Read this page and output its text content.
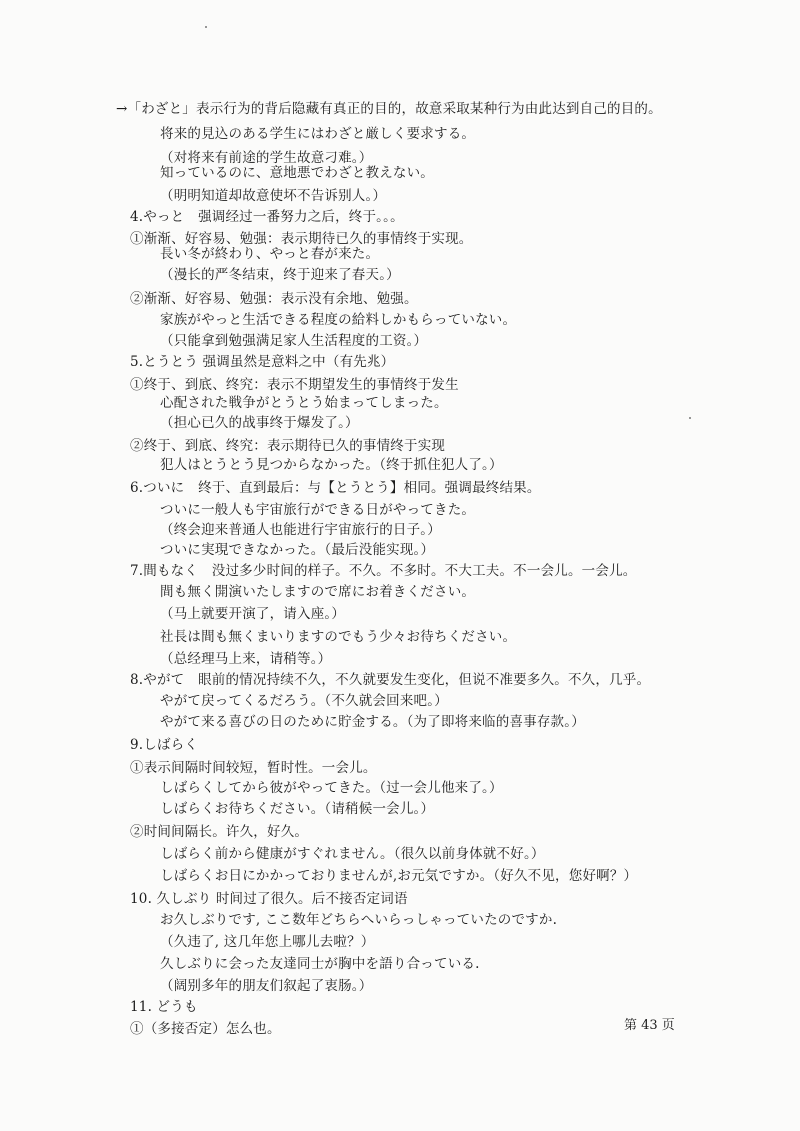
→「わざと」表示行为的背后隐藏有真正的目的，故意采取某种行为由此达到自己的目的。
将来的見込のある学生にはわざと厳しく要求する。
（对将来有前途的学生故意刁难。）
知っているのに、意地悪でわざと教えない。
（明明知道却故意使坏不告诉别人。）
4.やっと　强调经过一番努力之后，终于。。。
①渐渐、好容易、勉强：表示期待已久的事情终于实现。
長い冬が終わり、やっと春が来た。
（漫长的严冬结束，终于迎来了春天。）
②渐渐、好容易、勉强：表示没有余地、勉强。
家族がやっと生活できる程度の給料しかもらっていない。
（只能拿到勉强满足家人生活程度的工资。）
5.とうとう 强调虽然是意料之中（有先兆）
①终于、到底、终究：表示不期望发生的事情终于发生
心配された戦争がとうとう始まってしまった。
（担心已久的战事终于爆发了。）
②终于、到底、终究：表示期待已久的事情终于实现
犯人はとうとう見つからなかった。（终于抓住犯人了。）
6.ついに　终于、直到最后：与【とうとう】相同。强调最终结果。
ついに一般人も宇宙旅行ができる日がやってきた。
（终会迎来普通人也能进行宇宙旅行的日子。）
ついに実現できなかった。（最后没能实现。）
7.間もなく　没过多少时间的样子。不久。不多时。不大工夫。不一会儿。一会儿。
間も無く開演いたしますので席にお着きください。
（马上就要开演了，请入座。）
社長は間も無くまいりますのでもう少々お待ちください。
（总经理马上来，请稍等。）
8.やがて　眼前的情况持续不久，不久就要发生变化，但说不准要多久。不久，几乎。
やがて戻ってくるだろう。（不久就会回来吧。）
やがて来る喜びの日のために貯金する。（为了即将来临的喜事存款。）
9.しばらく
①表示间隔时间较短，暂时性。一会儿。
しばらくしてから彼がやってきた。（过一会儿他来了。）
しばらくお待ちください。（请稍候一会儿。）
②时间间隔长。许久，好久。
しばらく前から健康がすぐれません。（很久以前身体就不好。）
しばらくお日にかかっておりませんが,お元気ですか。（好久不见，您好啊？）
10. 久しぶり 时间过了很久。后不接否定词语
お久しぶりです, ここ数年どちらへいらっしゃっていたのですか.
（久违了, 这几年您上哪儿去啦？）
久しぶりに会った友達同士が胸中を語り合っている.
（阔别多年的朋友们叙起了衷肠。）
11. どうも
①（多接否定）怎么也。	第 43 页
